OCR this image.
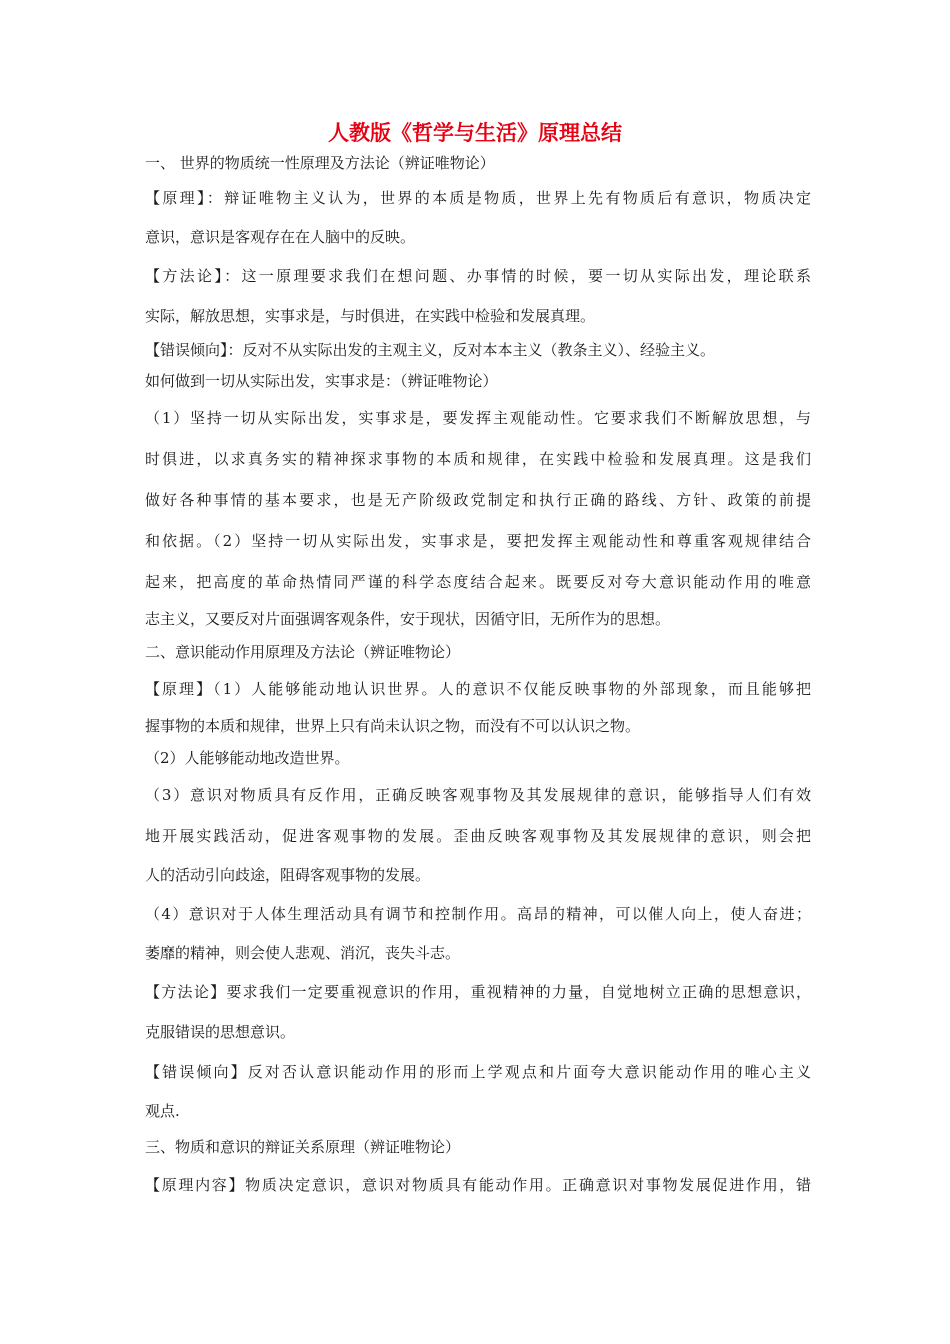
人教版《哲学与生活》原理总结
一、 世界的物质统一性原理及方法论（辨证唯物论）
【原理】：辩证唯物主义认为，世界的本质是物质，世界上先有物质后有意识，物质决定
意识，意识是客观存在在人脑中的反映。
【方法论】：这一原理要求我们在想问题、办事情的时候，要一切从实际出发，理论联系
实际，解放思想，实事求是，与时俱进，在实践中检验和发展真理。
【错误倾向】：反对不从实际出发的主观主义，反对本本主义（教条主义）、经验主义。
如何做到一切从实际出发，实事求是：（辨证唯物论）
（1）坚持一切从实际出发，实事求是，要发挥主观能动性。它要求我们不断解放思想，与
时俱进，以求真务实的精神探求事物的本质和规律，在实践中检验和发展真理。这是我们
做好各种事情的基本要求，也是无产阶级政党制定和执行正确的路线、方针、政策的前提
和依据。（2）坚持一切从实际出发，实事求是，要把发挥主观能动性和尊重客观规律结合
起来，把高度的革命热情同严谨的科学态度结合起来。既要反对夸大意识能动作用的唯意
志主义，又要反对片面强调客观条件，安于现状，因循守旧，无所作为的思想。
二、意识能动作用原理及方法论（辨证唯物论）
【原理】（1）人能够能动地认识世界。人的意识不仅能反映事物的外部现象，而且能够把
握事物的本质和规律，世界上只有尚未认识之物，而没有不可以认识之物。
（2）人能够能动地改造世界。
（3）意识对物质具有反作用，正确反映客观事物及其发展规律的意识，能够指导人们有效
地开展实践活动，促进客观事物的发展。歪曲反映客观事物及其发展规律的意识，则会把
人的活动引向歧途，阻碍客观事物的发展。
（4）意识对于人体生理活动具有调节和控制作用。高昂的精神，可以催人向上，使人奋进；
萎靡的精神，则会使人悲观、消沉，丧失斗志。
【方法论】要求我们一定要重视意识的作用，重视精神的力量，自觉地树立正确的思想意识，
克服错误的思想意识。
【错误倾向】反对否认意识能动作用的形而上学观点和片面夸大意识能动作用的唯心主义
观点.
三、物质和意识的辩证关系原理（辨证唯物论）
【原理内容】物质决定意识，意识对物质具有能动作用。正确意识对事物发展促进作用，错
